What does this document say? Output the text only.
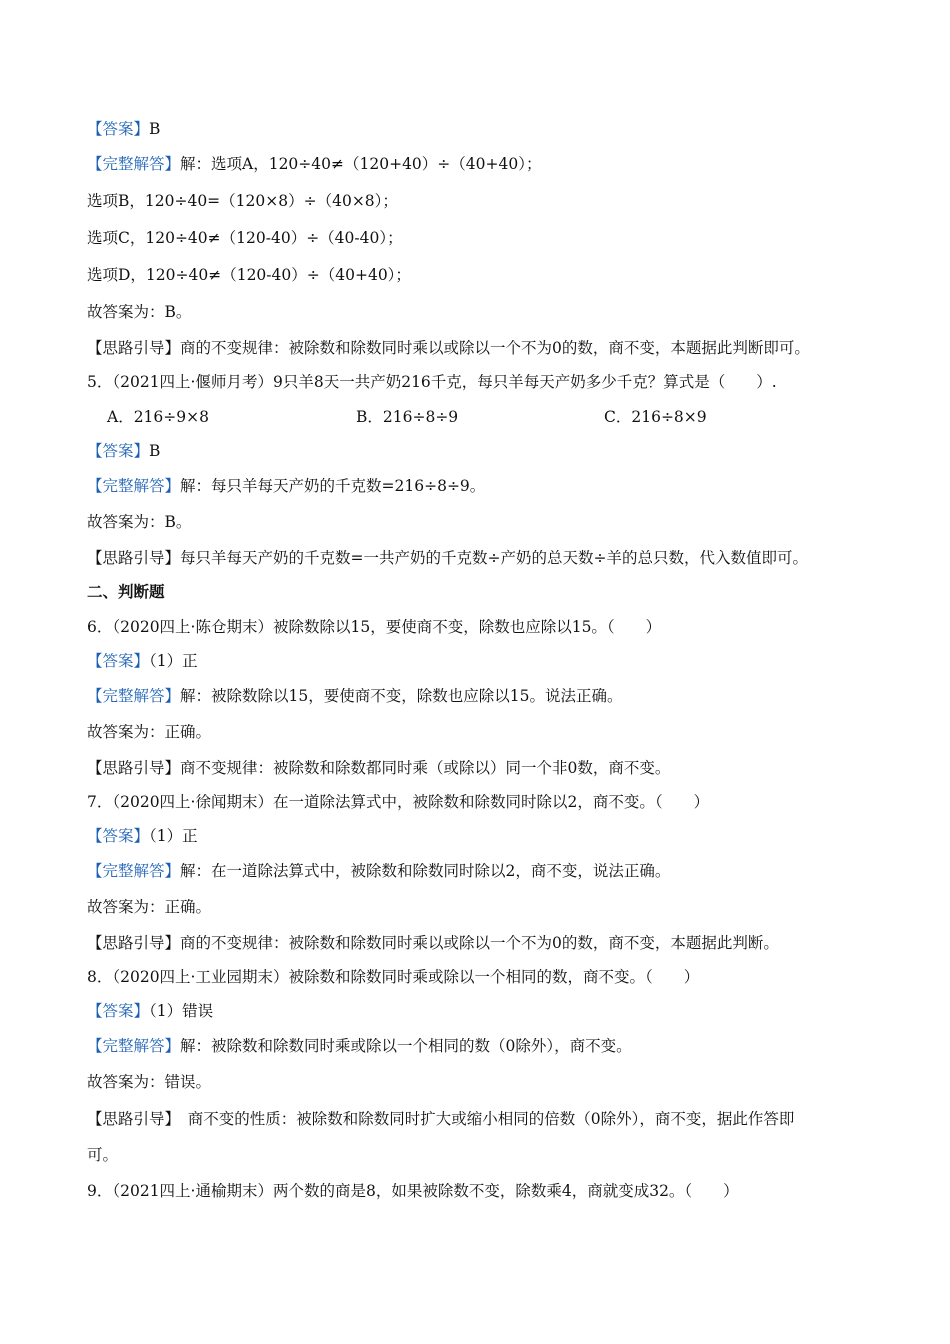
【答案】B
【完整解答】解：选项A，120÷40≠（120+40）÷（40+40）；
选项B，120÷40=（120×8）÷（40×8）；
选项C，120÷40≠（120-40）÷（40-40）；
选项D，120÷40≠（120-40）÷（40+40）；
故答案为：B。
【思路引导】商的不变规律：被除数和除数同时乘以或除以一个不为0的数，商不变，本题据此判断即可。
5．（2021四上·偃师月考）9只羊8天一共产奶216千克，每只羊每天产奶多少千克？算式是（　　）.
A．216÷9×8	B．216÷8÷9	C．216÷8×9
【答案】B
【完整解答】解：每只羊每天产奶的千克数=216÷8÷9。
故答案为：B。
【思路引导】每只羊每天产奶的千克数=一共产奶的千克数÷产奶的总天数÷羊的总只数，代入数值即可。
二、判断题
6．（2020四上·陈仓期末）被除数除以15，要使商不变，除数也应除以15。（　　）
【答案】（1）正
【完整解答】解：被除数除以15，要使商不变，除数也应除以15。说法正确。
故答案为：正确。
【思路引导】商不变规律：被除数和除数都同时乘（或除以）同一个非0数，商不变。
7．（2020四上·徐闻期末）在一道除法算式中，被除数和除数同时除以2，商不变。（　　）
【答案】（1）正
【完整解答】解：在一道除法算式中，被除数和除数同时除以2，商不变，说法正确。
故答案为：正确。
【思路引导】商的不变规律：被除数和除数同时乘以或除以一个不为0的数，商不变，本题据此判断。
8．（2020四上·工业园期末）被除数和除数同时乘或除以一个相同的数，商不变。（　　）
【答案】（1）错误
【完整解答】解：被除数和除数同时乘或除以一个相同的数（0除外），商不变。
故答案为：错误。
【思路引导】　商不变的性质：被除数和除数同时扩大或缩小相同的倍数（0除外），商不变，据此作答即
可。
9．（2021四上·通榆期末）两个数的商是8，如果被除数不变，除数乘4，商就变成32。（　　）
